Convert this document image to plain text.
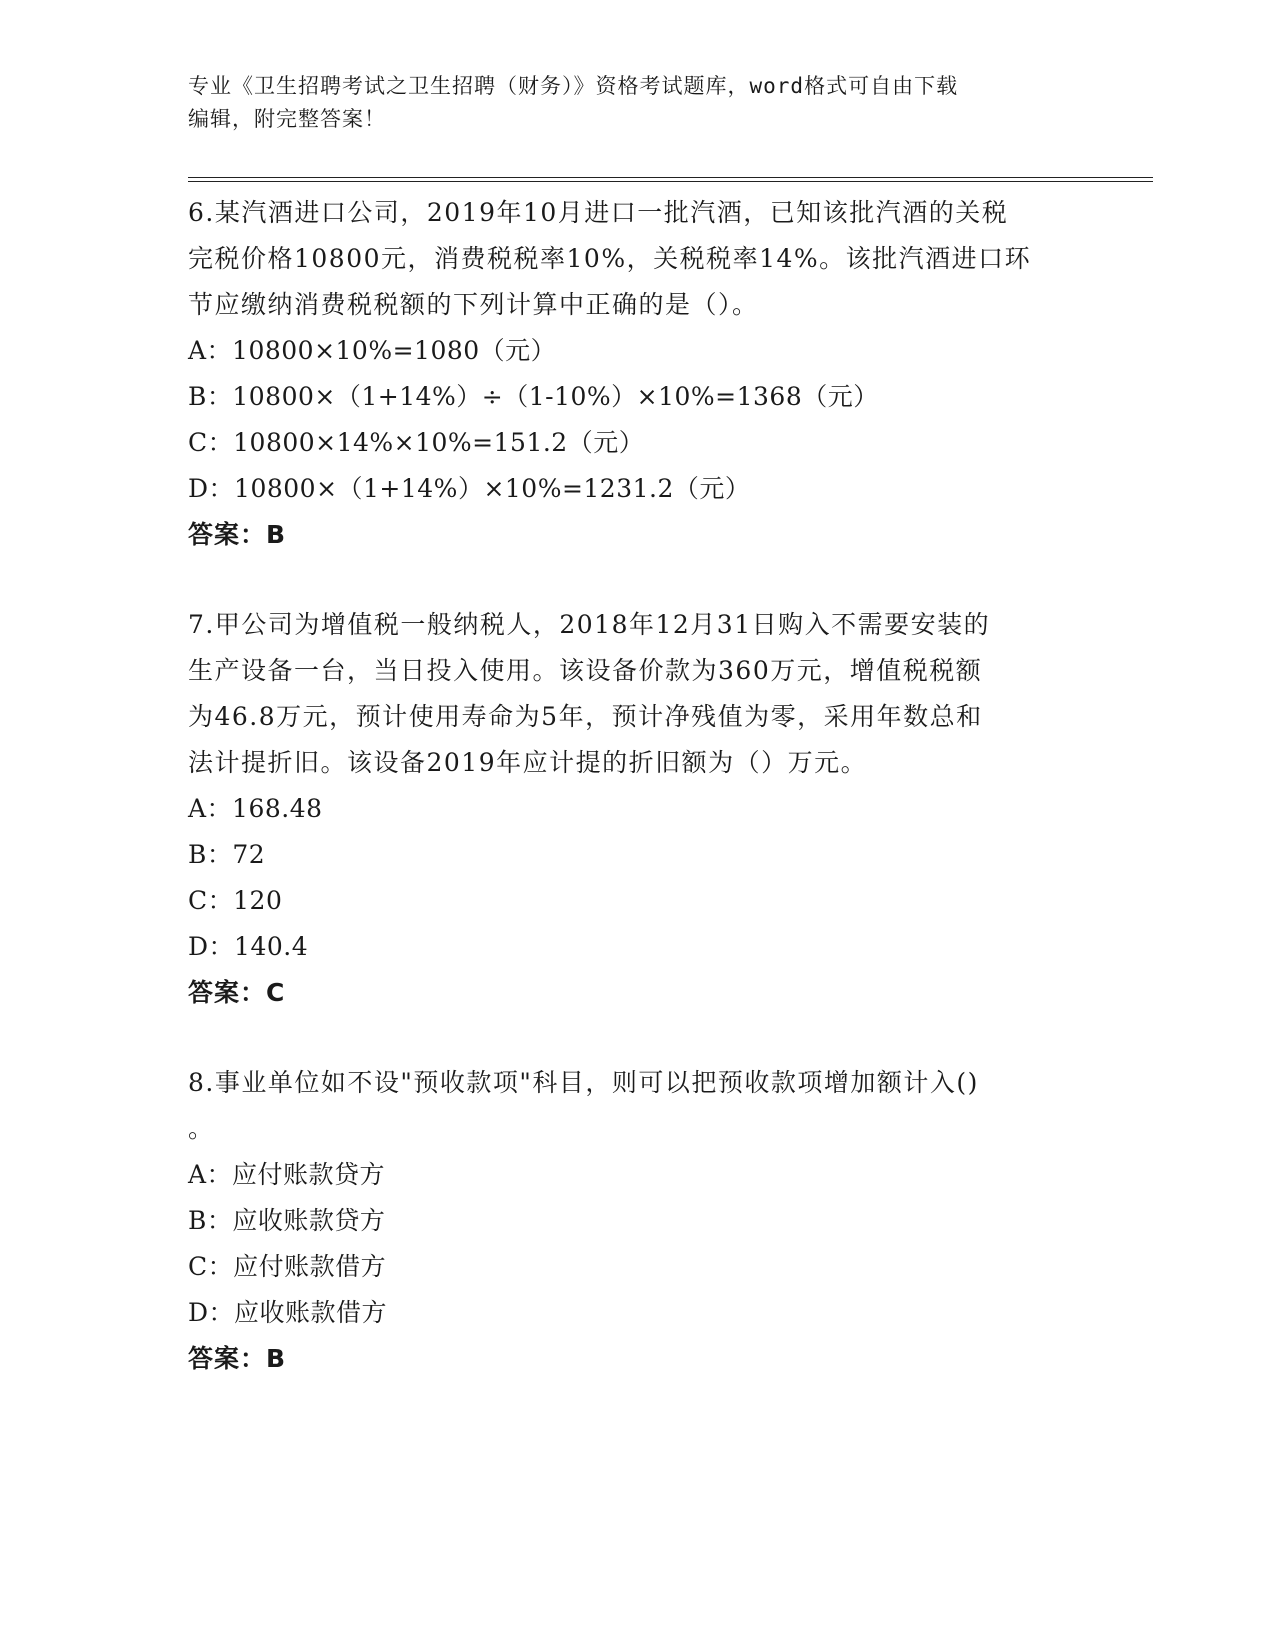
专业《卫生招聘考试之卫生招聘（财务）》资格考试题库，word格式可自由下载
编辑，附完整答案！
6.某汽酒进口公司，2019年10月进口一批汽酒，已知该批汽酒的关税
完税价格10800元，消费税税率10%，关税税率14%。该批汽酒进口环
节应缴纳消费税税额的下列计算中正确的是（）。
A：10800×10%=1080（元）
B：10800×（1+14%）÷（1-10%）×10%=1368（元）
C：10800×14%×10%=151.2（元）
D：10800×（1+14%）×10%=1231.2（元）
答案：B
7.甲公司为增值税一般纳税人，2018年12月31日购入不需要安装的
生产设备一台，当日投入使用。该设备价款为360万元，增值税税额
为46.8万元，预计使用寿命为5年，预计净残值为零，采用年数总和
法计提折旧。该设备2019年应计提的折旧额为（）万元。
A：168.48
B：72
C：120
D：140.4
答案：C
8.事业单位如不设"预收款项"科目，则可以把预收款项增加额计入()
。
A：应付账款贷方
B：应收账款贷方
C：应付账款借方
D：应收账款借方
答案：B
